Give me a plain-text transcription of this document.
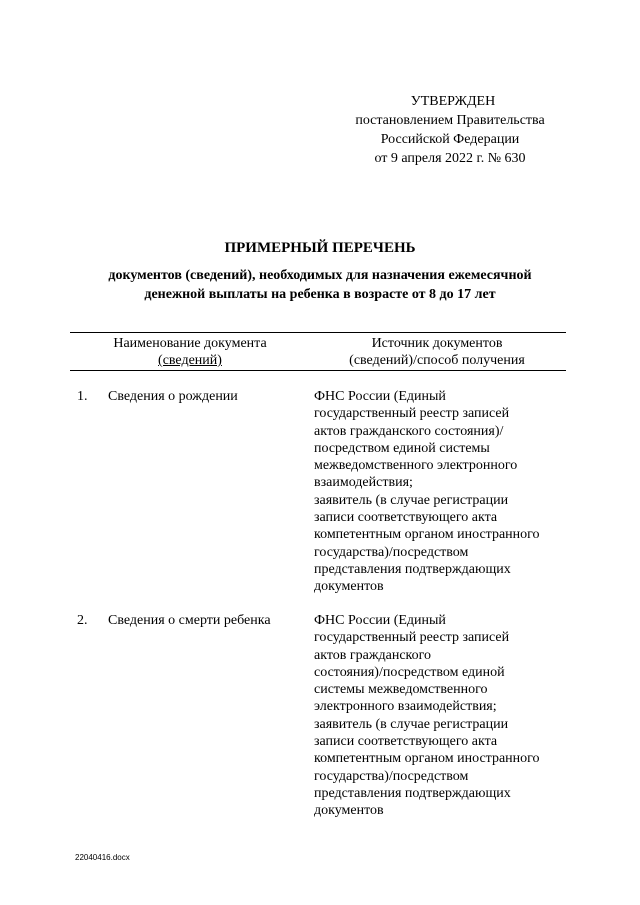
УТВЕРЖДЕН
постановлением Правительства
Российской Федерации
от 9 апреля 2022 г. № 630
ПРИМЕРНЫЙ ПЕРЕЧЕНЬ
документов (сведений), необходимых для назначения ежемесячной
денежной выплаты на ребенка в возрасте от 8 до 17 лет
Наименование документа
(сведений)
Источник документов
(сведений)/способ получения
1. Сведения о рождении	ФНС России (Единый
государственный реестр записей
актов гражданского состояния)/
посредством единой системы
межведомственного электронного
взаимодействия;
заявитель (в случае регистрации
записи соответствующего акта
компетентным органом иностранного
государства)/посредством
представления подтверждающих
документов
2. Сведения о смерти ребенка	ФНС России (Единый
государственный реестр записей
актов гражданского
состояния)/посредством единой
системы межведомственного
электронного взаимодействия;
заявитель (в случае регистрации
записи соответствующего акта
компетентным органом иностранного
государства)/посредством
представления подтверждающих
документов
22040416.docx
